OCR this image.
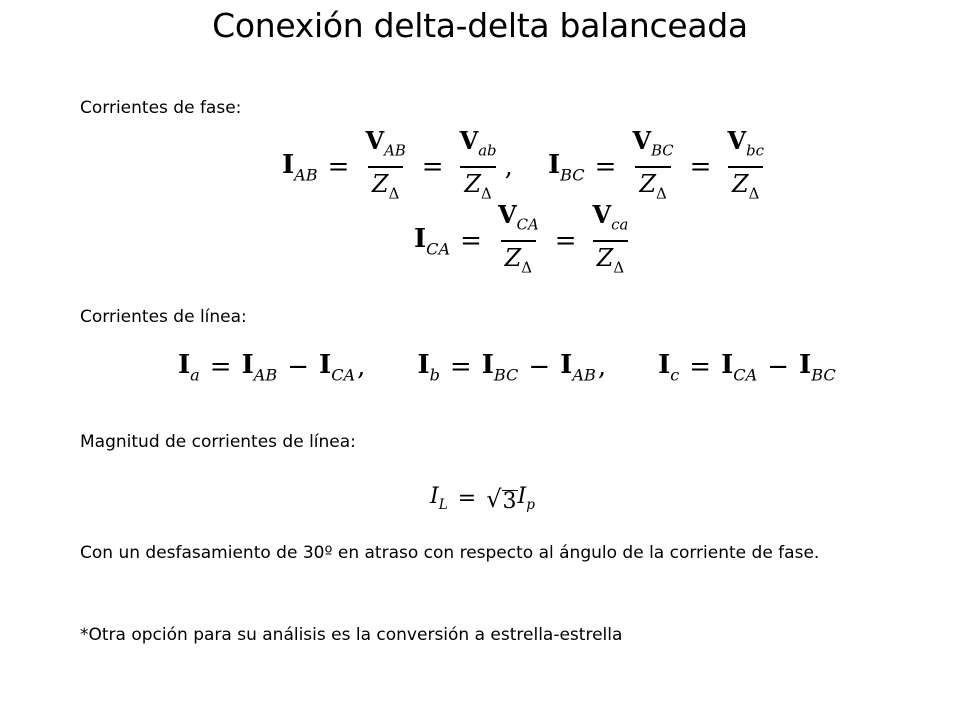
Conexión delta-delta balanceada
Corrientes de fase:
$I_{AB} = \frac{V_{AB}}{Z_\Delta} = \frac{V_{ab}}{Z_\Delta}$ , $I_{BC} = \frac{V_{BC}}{Z_\Delta} = \frac{V_{bc}}{Z_\Delta}$
$I_{CA} = \frac{V_{CA}}{Z_\Delta} = \frac{V_{ca}}{Z_\Delta}$
Corrientes de línea:
$I_a = I_{AB} - I_{CA}$ , $I_b = I_{BC} - I_{AB}$ , $I_c = I_{CA} - I_{BC}$
Magnitud de corrientes de línea:
$I_L$ = √ 3 $I_p$
Con un desfasamiento de 30º en atraso con respecto al ángulo de la corriente de fase.
*Otra opción para su análisis es la conversión a estrella-estrella
